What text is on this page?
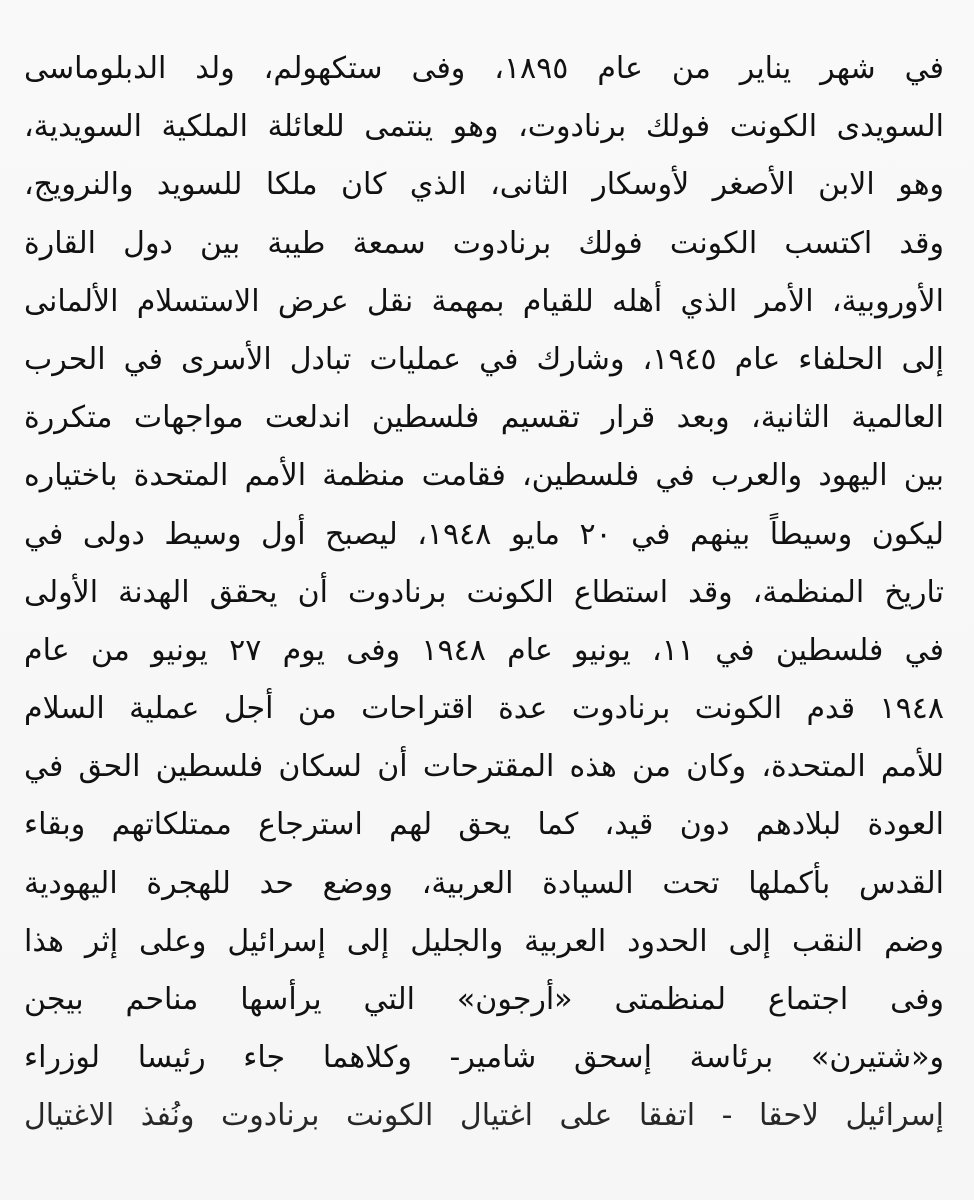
في شهر يناير من عام ١٨٩٥، وفى ستكهولم، ولد الدبلوماسى
السويدى الكونت فولك برنادوت، وهو ينتمى للعائلة الملكية السويدية،
وهو الابن الأصغر لأوسكار الثانى، الذي كان ملكا للسويد والنرويج،
وقد اكتسب الكونت فولك برنادوت سمعة طيبة بين دول القارة
الأوروبية، الأمر الذي أهله للقيام بمهمة نقل عرض الاستسلام الألمانى
إلى الحلفاء عام ١٩٤٥، وشارك في عمليات تبادل الأسرى في الحرب
العالمية الثانية، وبعد قرار تقسيم فلسطين اندلعت مواجهات متكررة
بين اليهود والعرب في فلسطين، فقامت منظمة الأمم المتحدة باختياره
ليكون وسيطاً بينهم في ٢٠ مايو ١٩٤٨، ليصبح أول وسيط دولى في
تاريخ المنظمة، وقد استطاع الكونت برنادوت أن يحقق الهدنة الأولى
في فلسطين في ١١، يونيو عام ١٩٤٨ وفى يوم ٢٧ يونيو من عام
١٩٤٨ قدم الكونت برنادوت عدة اقتراحات من أجل عملية السلام
للأمم المتحدة، وكان من هذه المقترحات أن لسكان فلسطين الحق في
العودة لبلادهم دون قيد، كما يحق لهم استرجاع ممتلكاتهم وبقاء
القدس بأكملها تحت السيادة العربية، ووضع حد للهجرة اليهودية
وضم النقب إلى الحدود العربية والجليل إلى إسرائيل وعلى إثر هذا
وفى اجتماع لمنظمتى «أرجون» التي يرأسها مناحم بيجن
و«شتيرن» برئاسة إسحق شامير- وكلاهما جاء رئيسا لوزراء
إسرائيل لاحقا - اتفقا على اغتيال الكونت برنادوت ونُفذ الاغتيال
